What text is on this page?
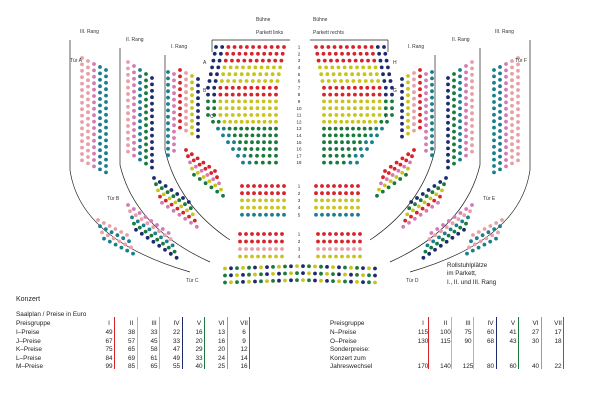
1
2
3
4
5
6
7
8
9
10
11
12
13
14
15
16
17
18
1
2
3
4
5
1
2
3
4
Bühne	Bühne
Parkett links	Parkett rechts
III. Rang	III. Rang
II. Rang	II. Rang
I. Rang	I. Rang
Tür A	Tür F
Tür B	Tür E
Tür C	Tür D
A
B
C
H
G
F
Rollstuhlplätze
im Parkett,
I., II. und III. Rang
Konzert
Saalplan / Preise in Euro
Preisgruppe	I	II	III	IV	V	VI	VII
I–Preise	49	38	33	22	16	13	6
J–Preise	67	57	45	33	20	16	9
K–Preise	75	65	58	47	29	20	12
L–Preise	84	69	61	49	33	24	14
M–Preise	99	85	65	55	40	25	16
Preisgruppe	I	II	III	IV	V	VI	VII
N–Preise	115	100	75	60	41	27	17
O–Preise	130	115	90	68	43	30	18
Sonderpreise:
Konzert zum
Jahreswechsel	170	140	125	80	60	40	22
